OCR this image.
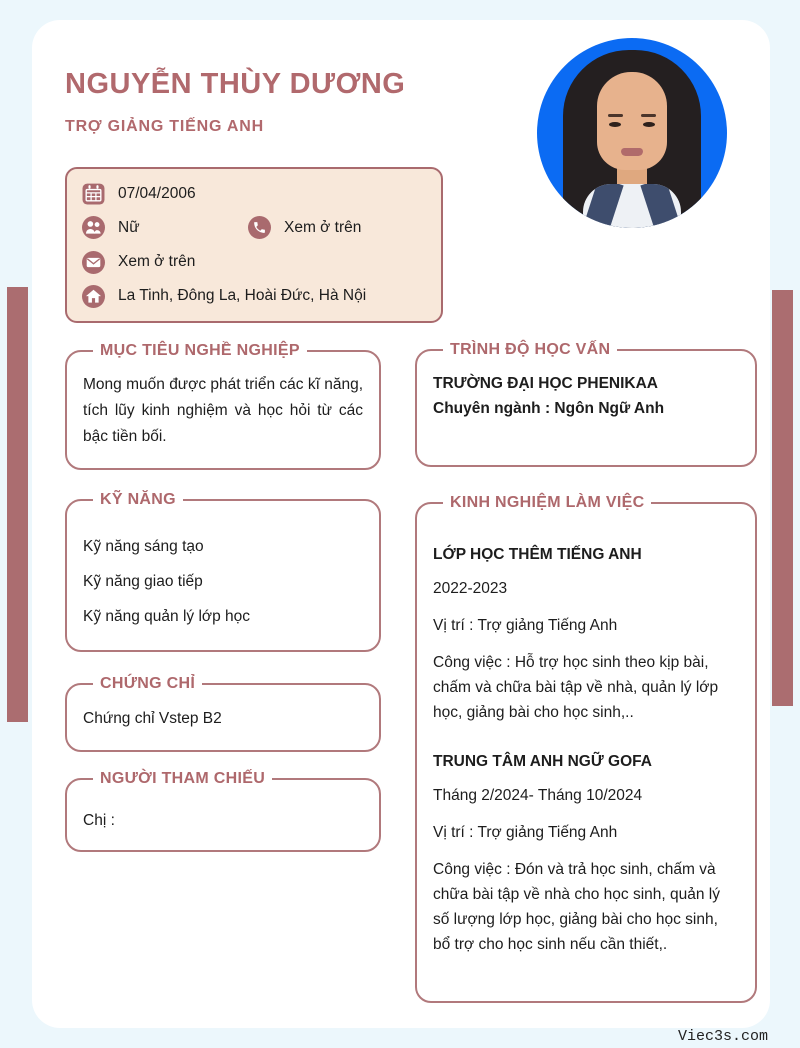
NGUYỄN THÙY DƯƠNG
TRỢ GIẢNG TIẾNG ANH
07/04/2006
Nữ	Xem ở trên
Xem ở trên
La Tinh, Đông La, Hoài Đức, Hà Nội
MỤC TIÊU NGHỀ NGHIỆP

Mong muốn được phát triển các kĩ năng, tích lũy kinh nghiệm và học hỏi từ các bậc tiền bối.

KỸ NĂNG

Kỹ năng sáng tạo

Kỹ năng giao tiếp

Kỹ năng quản lý lớp học

CHỨNG CHỈ

Chứng chỉ Vstep B2

NGƯỜI THAM CHIẾU

Chị :

TRÌNH ĐỘ HỌC VẤN
TRƯỜNG ĐẠI HỌC PHENIKAA
Chuyên ngành : Ngôn Ngữ Anh
KINH NGHIỆM LÀM VIỆC
LỚP HỌC THÊM TIẾNG ANH

2022-2023

Vị trí : Trợ giảng Tiếng Anh

Công việc : Hỗ trợ học sinh theo kịp bài, chấm và chữa bài tập về nhà, quản lý lớp học, giảng bài cho học sinh,..

TRUNG TÂM ANH NGỮ GOFA

Tháng 2/2024- Tháng 10/2024

Vị trí : Trợ giảng Tiếng Anh

Công việc : Đón và trả học sinh, chấm và chữa bài tập về nhà cho học sinh, quản lý số lượng lớp học, giảng bài cho học sinh, bổ trợ cho học sinh nếu cần thiết,.

Viec3s.com
